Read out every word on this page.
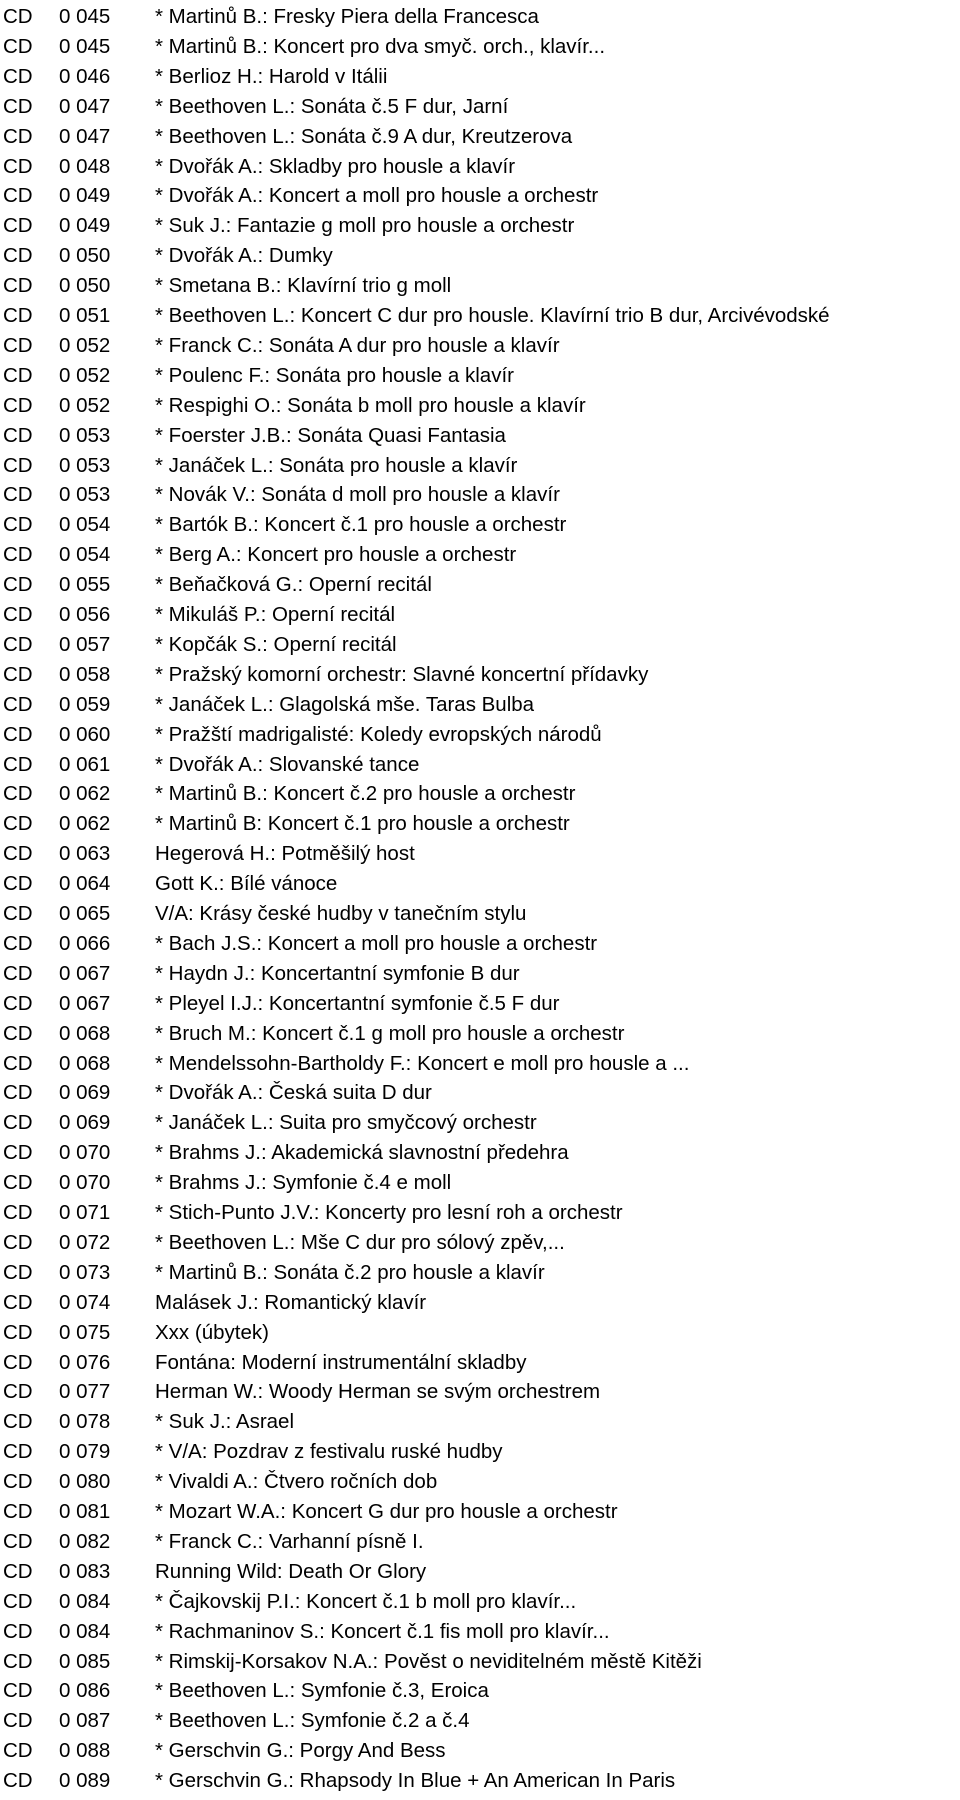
CD 0 045 * Martinů B.: Fresky Piera della Francesca
CD 0 045 * Martinů B.: Koncert pro dva smyč. orch., klavír...
CD 0 046 * Berlioz H.: Harold v Itálii
CD 0 047 * Beethoven L.: Sonáta č.5 F dur, Jarní
CD 0 047 * Beethoven L.: Sonáta č.9 A dur, Kreutzerova
CD 0 048 * Dvořák A.: Skladby pro housle a klavír
CD 0 049 * Dvořák A.: Koncert a moll pro housle a orchestr
CD 0 049 * Suk J.: Fantazie g moll pro housle a orchestr
CD 0 050 * Dvořák A.: Dumky
CD 0 050 * Smetana B.: Klavírní trio g moll
CD 0 051 * Beethoven L.: Koncert C dur pro housle. Klavírní trio B dur, Arcivévodské
CD 0 052 * Franck C.: Sonáta A dur pro housle a klavír
CD 0 052 * Poulenc F.: Sonáta pro housle a klavír
CD 0 052 * Respighi O.: Sonáta b moll pro housle a klavír
CD 0 053 * Foerster J.B.: Sonáta Quasi Fantasia
CD 0 053 * Janáček L.: Sonáta pro housle a klavír
CD 0 053 * Novák V.: Sonáta d moll pro housle a klavír
CD 0 054 * Bartók B.: Koncert č.1 pro housle a orchestr
CD 0 054 * Berg A.: Koncert pro housle a orchestr
CD 0 055 * Beňačková G.: Operní recitál
CD 0 056 * Mikuláš P.: Operní recitál
CD 0 057 * Kopčák S.: Operní recitál
CD 0 058 * Pražský komorní orchestr: Slavné koncertní přídavky
CD 0 059 * Janáček L.: Glagolská mše. Taras Bulba
CD 0 060 * Pražští madrigalisté: Koledy evropských národů
CD 0 061 * Dvořák A.: Slovanské tance
CD 0 062 * Martinů B.: Koncert č.2 pro housle a orchestr
CD 0 062 * Martinů B: Koncert č.1 pro housle a orchestr
CD 0 063 Hegerová H.: Potměšilý host
CD 0 064 Gott K.: Bílé vánoce
CD 0 065 V/A: Krásy české hudby v tanečním stylu
CD 0 066 * Bach J.S.: Koncert a moll pro housle a orchestr
CD 0 067 * Haydn J.: Koncertantní symfonie B dur
CD 0 067 * Pleyel I.J.: Koncertantní symfonie č.5 F dur
CD 0 068 * Bruch M.: Koncert č.1 g moll pro housle a orchestr
CD 0 068 * Mendelssohn-Bartholdy F.: Koncert e moll pro housle a ...
CD 0 069 * Dvořák A.: Česká suita D dur
CD 0 069 * Janáček L.: Suita pro smyčcový orchestr
CD 0 070 * Brahms J.: Akademická slavnostní předehra
CD 0 070 * Brahms J.: Symfonie č.4 e moll
CD 0 071 * Stich-Punto J.V.: Koncerty pro lesní roh a orchestr
CD 0 072 * Beethoven L.: Mše C dur pro sólový zpěv,...
CD 0 073 * Martinů B.: Sonáta č.2 pro housle a klavír
CD 0 074 Malásek J.: Romantický klavír
CD 0 075 Xxx (úbytek)
CD 0 076 Fontána: Moderní instrumentální skladby
CD 0 077 Herman W.: Woody Herman se svým orchestrem
CD 0 078 * Suk J.: Asrael
CD 0 079 * V/A: Pozdrav z festivalu ruské hudby
CD 0 080 * Vivaldi A.: Čtvero ročních dob
CD 0 081 * Mozart W.A.: Koncert G dur pro housle a orchestr
CD 0 082 * Franck C.: Varhanní písně I.
CD 0 083 Running Wild: Death Or Glory
CD 0 084 * Čajkovskij P.I.: Koncert č.1 b moll pro klavír...
CD 0 084 * Rachmaninov S.: Koncert č.1 fis moll pro klavír...
CD 0 085 * Rimskij-Korsakov N.A.: Pověst o neviditelném městě Kitěži
CD 0 086 * Beethoven L.: Symfonie č.3, Eroica
CD 0 087 * Beethoven L.: Symfonie č.2 a č.4
CD 0 088 * Gerschvin G.: Porgy And Bess
CD 0 089 * Gerschvin G.: Rhapsody In Blue + An American In Paris
